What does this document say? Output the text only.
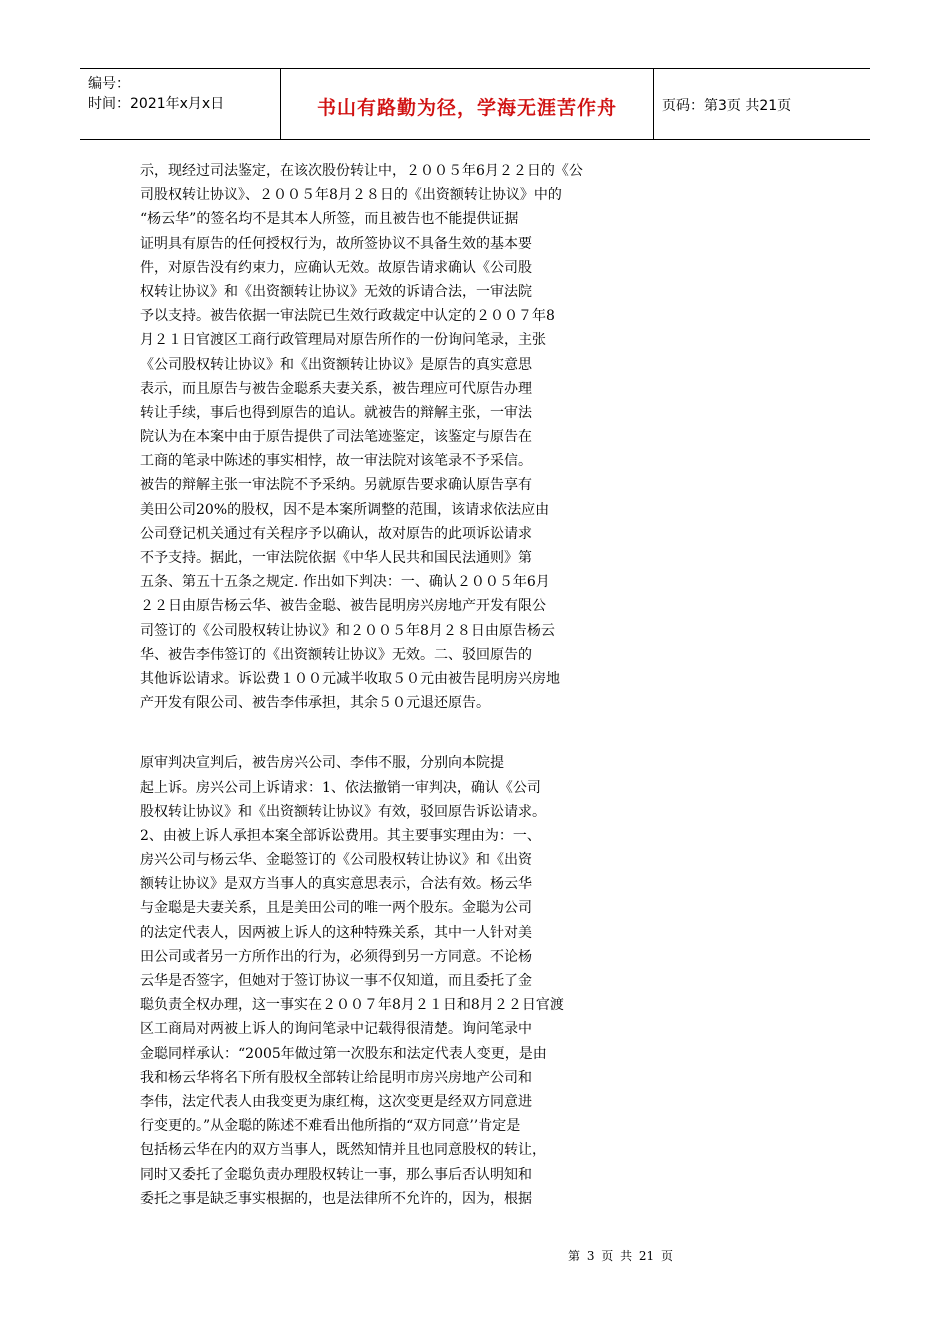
编号：
时间：2021年x月x日	书山有路勤为径，学海无涯苦作舟	页码：第3页 共21页
示，现经过司法鉴定，在该次股份转让中，２００５年6月２２日的《公
司股权转让协议》、２００５年8月２８日的《出资额转让协议》中的
“杨云华”的签名均不是其本人所签，而且被告也不能提供证据
证明具有原告的任何授权行为，故所签协议不具备生效的基本要
件，对原告没有约束力，应确认无效。故原告请求确认《公司股
权转让协议》和《出资额转让协议》无效的诉请合法，一审法院
予以支持。被告依据一审法院已生效行政裁定中认定的２００７年8
月２１日官渡区工商行政管理局对原告所作的一份询问笔录，主张
《公司股权转让协议》和《出资额转让协议》是原告的真实意思
表示，而且原告与被告金聪系夫妻关系，被告理应可代原告办理
转让手续，事后也得到原告的追认。就被告的辩解主张，一审法
院认为在本案中由于原告提供了司法笔迹鉴定，该鉴定与原告在
工商的笔录中陈述的事实相悖，故一审法院对该笔录不予采信。
被告的辩解主张一审法院不予采纳。另就原告要求确认原告享有
美田公司20%的股权，因不是本案所调整的范围，该请求依法应由
公司登记机关通过有关程序予以确认，故对原告的此项诉讼请求
不予支持。据此，一审法院依据《中华人民共和国民法通则》第
五条、第五十五条之规定. 作出如下判决：一、确认２００５年6月
２２日由原告杨云华、被告金聪、被告昆明房兴房地产开发有限公
司签订的《公司股权转让协议》和２００５年8月２８日由原告杨云
华、被告李伟签订的《出资额转让协议》无效。二、驳回原告的
其他诉讼请求。诉讼费１００元减半收取５０元由被告昆明房兴房地
产开发有限公司、被告李伟承担，其余５０元退还原告。
原审判决宣判后，被告房兴公司、李伟不服，分别向本院提
起上诉。房兴公司上诉请求：1、依法撤销一审判决，确认《公司
股权转让协议》和《出资额转让协议》有效，驳回原告诉讼请求。
2、由被上诉人承担本案全部诉讼费用。其主要事实理由为：一、
房兴公司与杨云华、金聪签订的《公司股权转让协议》和《出资
额转让协议》是双方当事人的真实意思表示，合法有效。杨云华
与金聪是夫妻关系，且是美田公司的唯一两个股东。金聪为公司
的法定代表人，因两被上诉人的这种特殊关系，其中一人针对美
田公司或者另一方所作出的行为，必须得到另一方同意。不论杨
云华是否签字，但她对于签订协议一事不仅知道，而且委托了金
聪负责全权办理，这一事实在２００７年8月２１日和8月２２日官渡
区工商局对两被上诉人的询问笔录中记载得很清楚。询问笔录中
金聪同样承认：“2005年做过第一次股东和法定代表人变更，是由
我和杨云华将名下所有股权全部转让给昆明市房兴房地产公司和
李伟，法定代表人由我变更为康红梅，这次变更是经双方同意进
行变更的。”从金聪的陈述不难看出他所指的“双方同意’’肯定是
包括杨云华在内的双方当事人，既然知情并且也同意股权的转让，
同时又委托了金聪负责办理股权转让一事，那么事后否认明知和
委托之事是缺乏事实根据的，也是法律所不允许的，因为，根据
第 3 页 共 21 页
